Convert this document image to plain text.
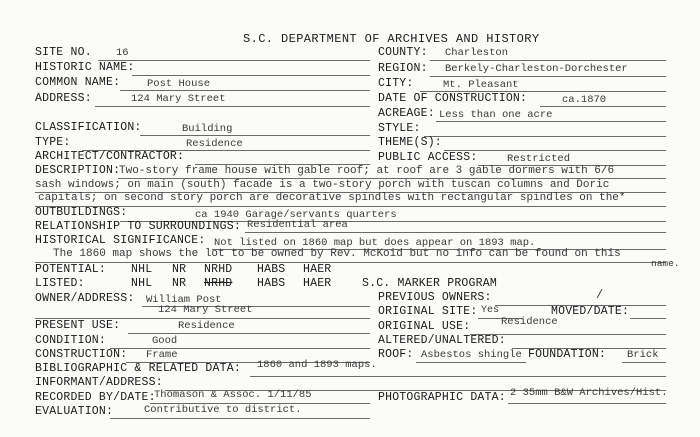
S.C. DEPARTMENT OF ARCHIVES AND HISTORY
SITE NO. 16	COUNTY: Charleston
HISTORIC NAME:	REGION: Berkely-Charleston-Dorchester
COMMON NAME:	Post House	CITY:	Mt. Pleasant
ADDRESS:	124 Mary Street	DATE OF CONSTRUCTION:	ca.1870
ACREAGE: Less than one acre
CLASSIFICATION:	Building	STYLE:
TYPE:	Residence	THEME(S):
ARCHITECT/CONTRACTOR:	PUBLIC ACCESS:	Restricted
DESCRIPTION:
Two-story frame house with gable roof; at roof are 3 gable dormers with 6/6
sash windows; on main (south) facade is a two-story porch with tuscan columns and Doric
capitals; on second story porch are decorative spindles with rectangular spindles on the*
OUTBUILDINGS:	ca 1940 Garage/servants quarters
RELATIONSHIP TO SURROUNDINGS: Residential area
HISTORICAL SIGNIFICANCE: Not listed on 1860 map but does appear on 1893 map.
The 1860 map shows the lot to be owned by Rev. McKoid but no info can be found on this
name.
POTENTIAL: NHL NR NRHD HABS HAER
LISTED:	NHL NR NRHD HABS HAER	S.C. MARKER PROGRAM
OWNER/ADDRESS: William Post
124 Mary Street
PREVIOUS OWNERS:	/
ORIGINAL SITE: Yes	MOVED/DATE:
PRESENT USE:	Residence	ORIGINAL USE:	Residence
CONDITION:	Good	ALTERED/UNALTERED:
CONSTRUCTION: Frame	ROOF: Asbestos shingle FOUNDATION: Brick
BIBLIOGRAPHIC & RELATED DATA: 1860 and 1893 maps.
INFORMANT/ADDRESS:
RECORDED BY/DATE:
Thomason & Assoc. 1/11/85	PHOTOGRAPHIC DATA: 2 35mm B&W Archives/Hist.
EVALUATION:	Contributive to district.
